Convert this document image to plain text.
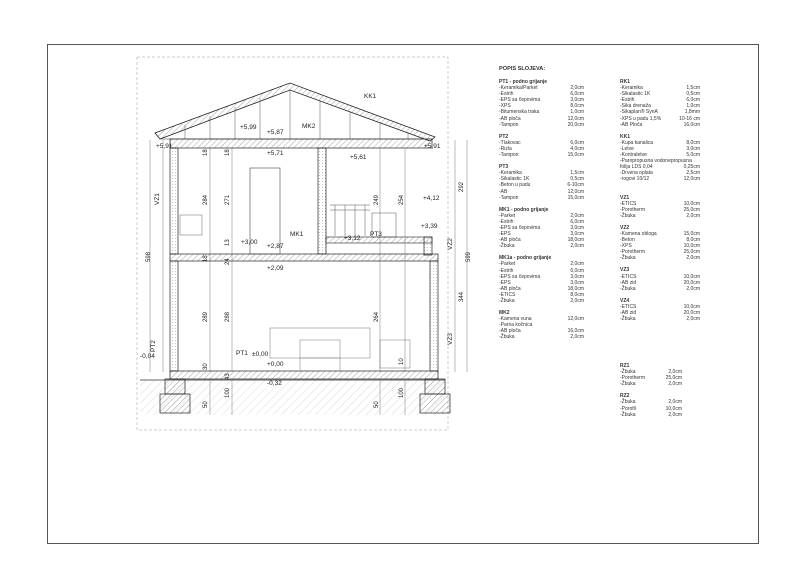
KK1
MK2
MK1
PT1
PT3
PT2
VZ1
VZ2
VZ3
+5,99
+5,87
+5,91	+5,91
+5,71
+5,61
+4,12
+3,39
+3,00
+2,87
+3,12
+2,09
±0,00
+0,00
-0,04
-0,32
598	599
292
344
284	271	249	254
289	288	264
18
18
18
13
24
50
100
50
100
30
43
10
POPIS SLOJEVA:
PT1 - podno grijanje
-Keramika/Parket	2,0cm
-Estrih	6,0cm
-EPS sa čepovima	3,0cm
-XPS	8,0cm
-Bitumenska traka	1,0cm
-AB ploča	12,0cm
-Tampon	20,0cm
PT2
-Tlakovac	6,0cm
-Rizla	4,0cm
-Tampon	15,0cm
PT3
-Keramika	1,5cm
-Sikalastic 1K	0,5cm
-Beton u padu	6-10cm
-AB	12,0cm
-Tampon	15,0cm
MK1 - podno grijanje
-Parket	2,0cm
-Estrih	6,0cm
-EPS sa čepovima	3,0cm
-EPS	3,0cm
-AB ploča	18,0cm
-Žbuka	2,0cm
MK1a - podno grijanje
-Parket	2,0cm
-Estrih	6,0cm
-EPS sa čepovima	3,0cm
-EPS	3,0cm
-AB ploča	18,0cm
-ETICS	8,0cm
-Žbuka	2,0cm
MK2
-Kamena vuna	12,0cm
-Parna kočnica
-AB ploča	16,0cm
-Žbuka	2,0cm
RK1
-Keramika	1,5cm
-Sikalastic 1K	0,5cm
-Estrih	6,0cm
-Sika drenaža	1,0cm
-Sikaplan® SynA	1,8mm
-XPS u padu 1,5%	10-16 cm
-AB Ploča	16,0cm
KK1
-Kupa kanalica	8,0cm
-Letve	3,0cm
-Kontraletve	5,0cm
-Paropropusna vodonepropusna
folija LDS 0,04	0,25cm
-Drvena oplata	2,5cm
-rogovi 10/12	12,0cm
VZ1
-ETICS	10,0cm
-Porotherm	25,0cm
-Žbuka	2,0cm
VZ2
-Kamena obloga	15,0cm
-Beton	8,0cm
-XPS	10,0cm
-Porotherm	25,0cm
-Žbuka	2,0cm
VZ3
-ETICS	10,0cm
-AB zid	20,0cm
-Žbuka	2,0cm
VZ4
-ETICS	10,0cm
-AB zid	20,0cm
-Žbuka	2,0cm
RZ1
-Žbuka	2,0cm
-Porotherm	25,0cm
-Žbuka	2,0cm
RZ2
-Žbuka	2,0cm
-Porofil	10,0cm
-Žbuka	2,0cm
